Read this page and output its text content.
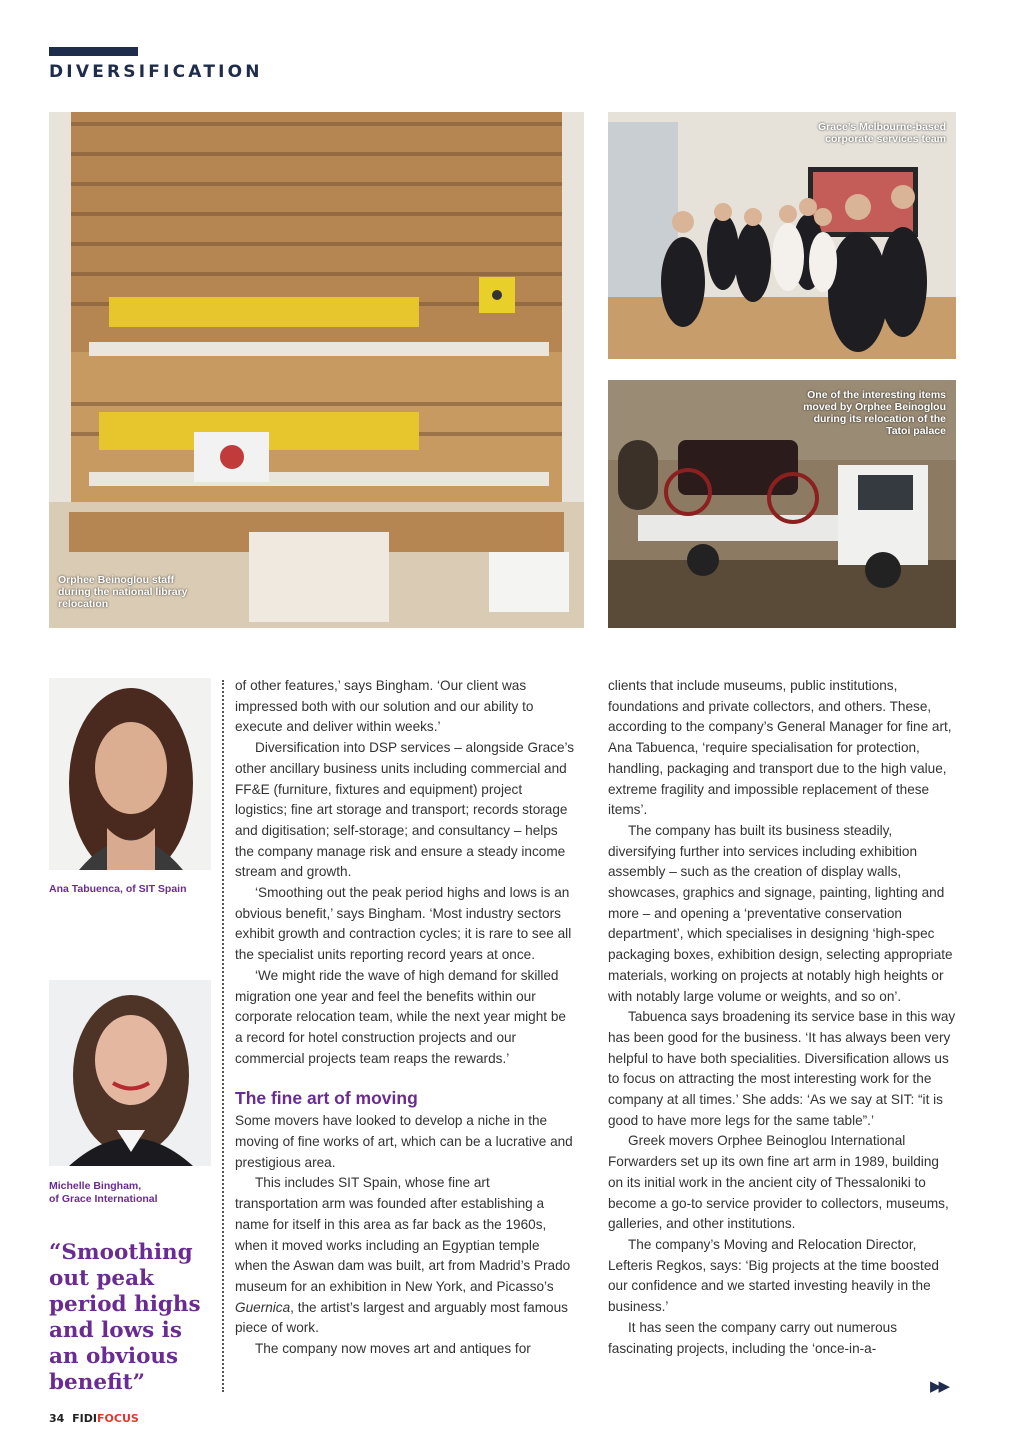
DIVERSIFICATION
Orphee Beinoglou staff
during the national library
relocation
Grace’s Melbourne-based
corporate services team
One of the interesting items
moved by Orphee Beinoglou
during its relocation of the
Tatoi palace
Ana Tabuenca, of SIT Spain
Michelle Bingham,
of Grace International
“Smoothing out peak period highs and lows is an obvious benefit”

of other features,’ says Bingham. ‘Our client was impressed both with our solution and our ability to execute and deliver within weeks.’

Diversification into DSP services – alongside Grace’s other ancillary business units including commercial and FF&E (furniture, fixtures and equipment) project logistics; fine art storage and transport; records storage and digitisation; self-storage; and consultancy – helps the company manage risk and ensure a steady income stream and growth.

‘Smoothing out the peak period highs and lows is an obvious benefit,’ says Bingham. ‘Most industry sectors exhibit growth and contraction cycles; it is rare to see all the specialist units reporting record years at once.

‘We might ride the wave of high demand for skilled migration one year and feel the benefits within our corporate relocation team, while the next year might be a record for hotel construction projects and our commercial projects team reaps the rewards.’

The fine art of moving

Some movers have looked to develop a niche in the moving of fine works of art, which can be a lucrative and prestigious area.

This includes SIT Spain, whose fine art transportation arm was founded after establishing a name for itself in this area as far back as the 1960s, when it moved works including an Egyptian temple when the Aswan dam was built, art from Madrid’s Prado museum for an exhibition in New York, and Picasso’s Guernica, the artist’s largest and arguably most famous piece of work.

The company now moves art and antiques for

clients that include museums, public institutions, foundations and private collectors, and others. These, according to the company’s General Manager for fine art, Ana Tabuenca, ‘require specialisation for protection, handling, packaging and transport due to the high value, extreme fragility and impossible replacement of these items’.

The company has built its business steadily, diversifying further into services including exhibition assembly – such as the creation of display walls, showcases, graphics and signage, painting, lighting and more – and opening a ‘preventative conservation department’, which specialises in designing ‘high-spec packaging boxes, exhibition design, selecting appropriate materials, working on projects at notably high heights or with notably large volume or weights, and so on’.

Tabuenca says broadening its service base in this way has been good for the business. ‘It has always been very helpful to have both specialities. Diversification allows us to focus on attracting the most interesting work for the company at all times.’ She adds: ‘As we say at SIT: “it is good to have more legs for the same table”.’

Greek movers Orphee Beinoglou International Forwarders set up its own fine art arm in 1989, building on its initial work in the ancient city of Thessaloniki to become a go-to service provider to collectors, museums, galleries, and other institutions.

The company’s Moving and Relocation Director, Lefteris Regkos, says: ‘Big projects at the time boosted our confidence and we started investing heavily in the business.’

It has seen the company carry out numerous fascinating projects, including the ‘once-in-a-

▶▶
34 FIDIFOCUS
